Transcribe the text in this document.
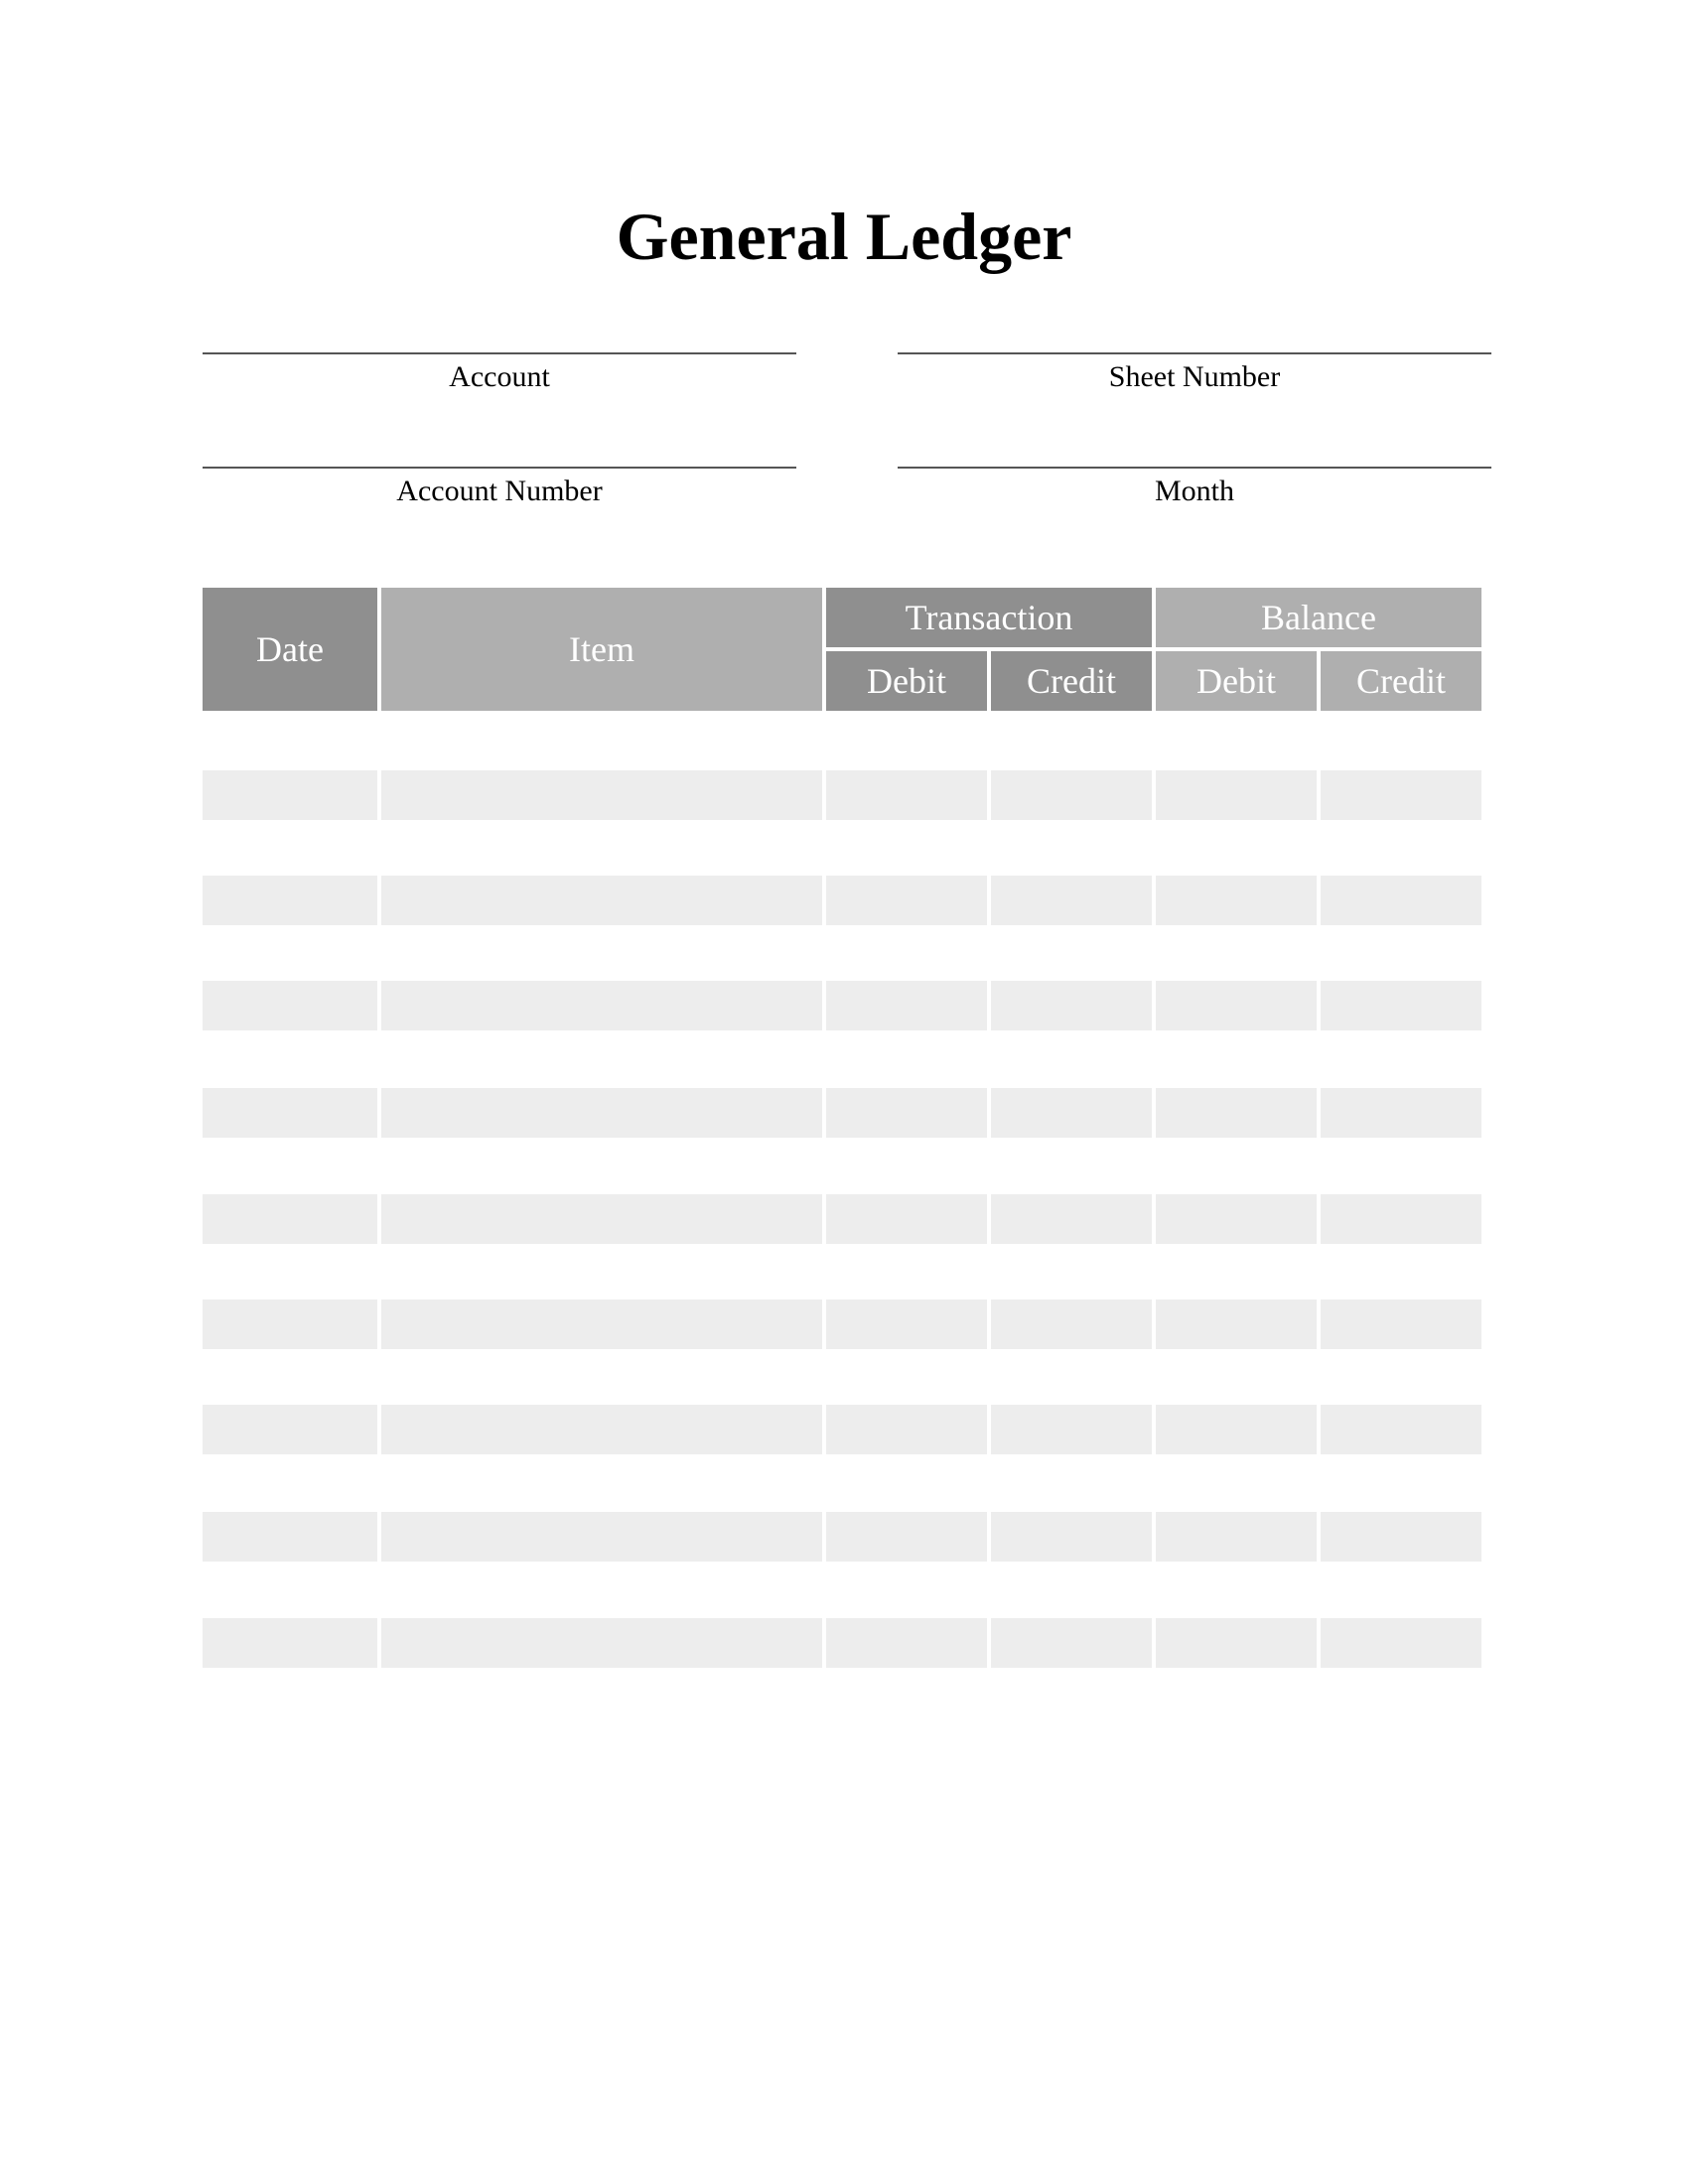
General Ledger
Account	Sheet Number
Account Number	Month
Date	Item
Transaction	Balance
Debit	Credit	Debit	Credit
